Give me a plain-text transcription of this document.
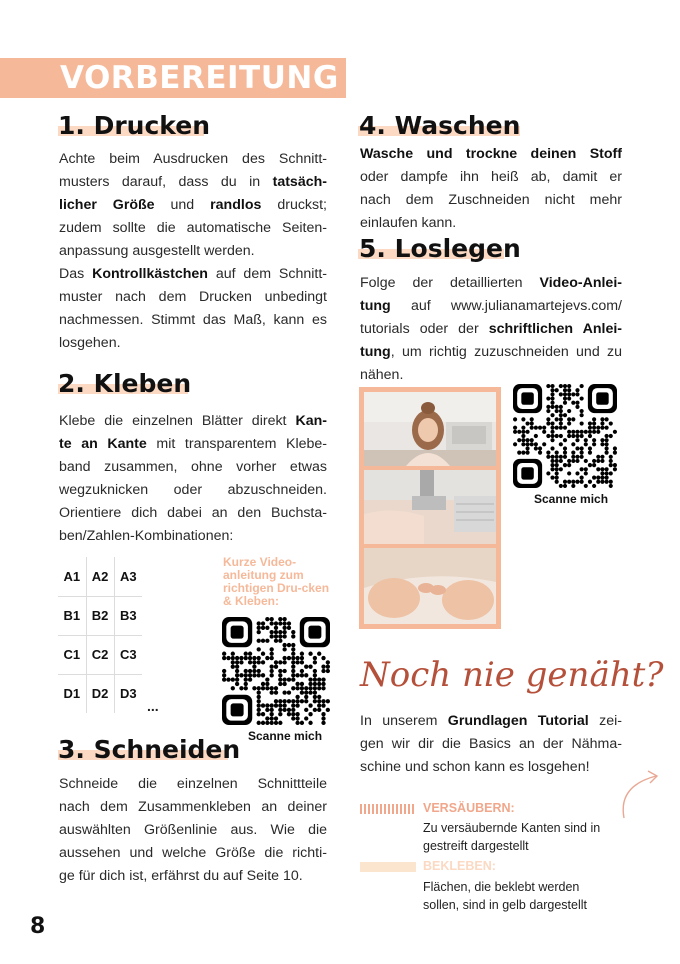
VORBEREITUNG
1. Drucken
Achte beim Ausdrucken des Schnitt-
musters darauf, dass du in tatsäch-
licher Größe und randlos druckst;
zudem sollte die automatische Seiten-
anpassung ausgestellt werden.
Das Kontrollkästchen auf dem Schnitt-
muster nach dem Drucken unbedingt
nachmessen. Stimmt das Maß, kann es
losgehen.
2. Kleben
Klebe die einzelnen Blätter direkt Kan-
te an Kante mit transparentem Klebe-
band zusammen, ohne vorher etwas
wegzuknicken oder abzuschneiden.
Orientiere dich dabei an den Buchsta-
ben/Zahlen-Kombinationen:
A1	A2	A3
B1	B2	B3
C1	C2	C3
D1	D2	D3
...
Kurze Video-anleitung zum richtigen Dru-cken & Kleben:
Scanne mich
3. Schneiden
Schneide die einzelnen Schnittteile
nach dem Zusammenkleben an deiner
auswählten Größenlinie aus. Wie die
aussehen und welche Größe die richti-
ge für dich ist, erfährst du auf Seite 10.
4. Waschen
Wasche und trockne deinen Stoff
oder dampfe ihn heiß ab, damit er
nach dem Zuschneiden nicht mehr
einlaufen kann.
5. Loslegen
Folge der detaillierten Video-Anlei-
tung auf www.julianamartejevs.com/
tutorials oder der schriftlichen Anlei-
tung, um richtig zuzuschneiden und zu
nähen.
Scanne mich
Noch nie genäht?
In unserem Grundlagen Tutorial zei-
gen wir dir die Basics an der Nähma-
schine und schon kann es losgehen!
VERSÄUBERN:
Zu versäubernde Kanten sind in
gestreift dargestellt
BEKLEBEN:
Flächen, die beklebt werden
sollen, sind in gelb dargestellt
8
